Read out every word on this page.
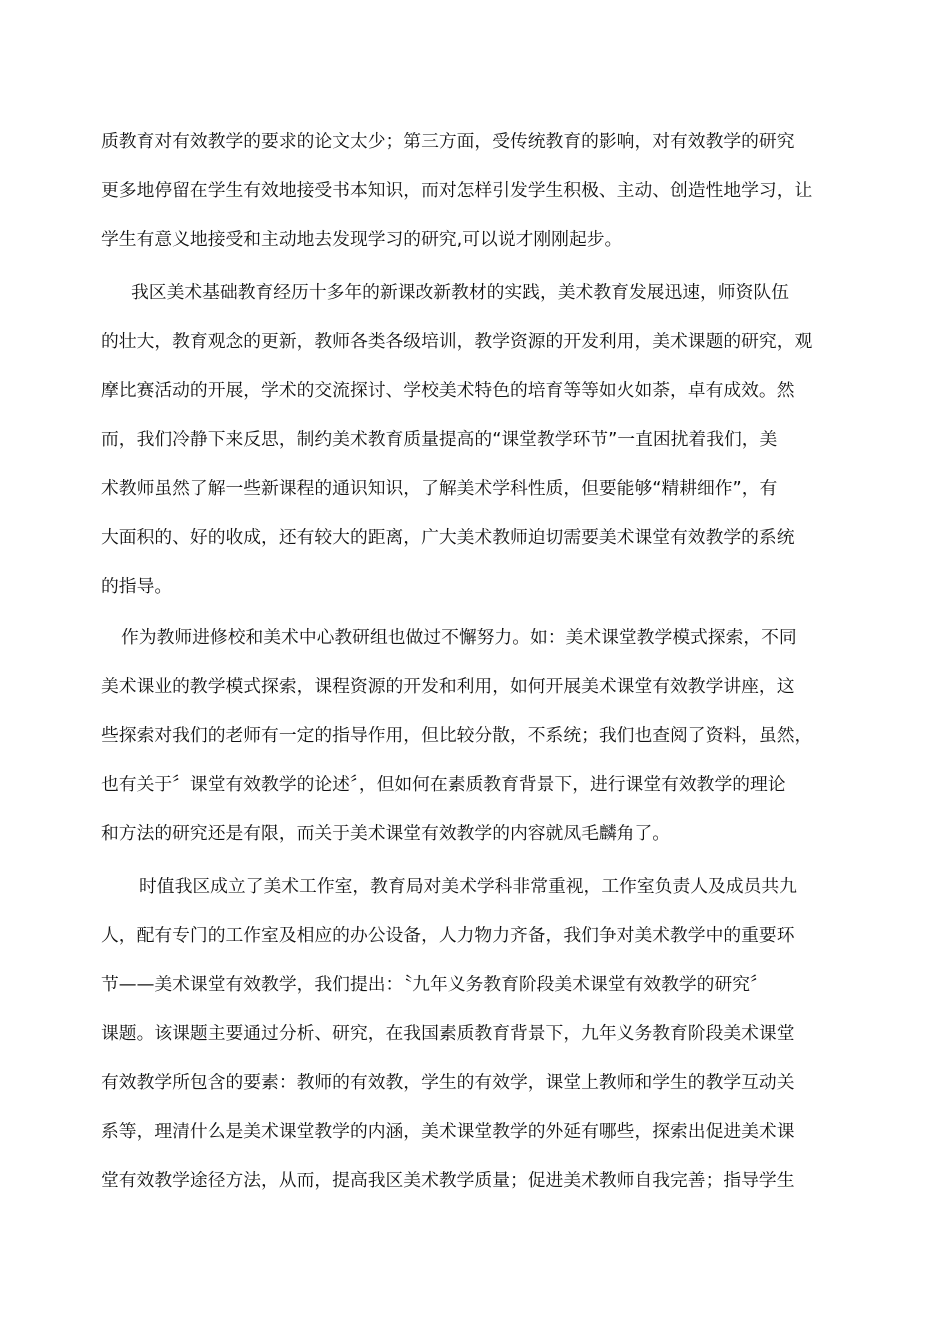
质教育对有效教学的要求的论文太少；第三方面，受传统教育的影响，对有效教学的研究
更多地停留在学生有效地接受书本知识，而对怎样引发学生积极、主动、创造性地学习，让
学生有意义地接受和主动地去发现学习的研究,可以说才刚刚起步。
我区美术基础教育经历十多年的新课改新教材的实践，美术教育发展迅速，师资队伍
的壮大，教育观念的更新，教师各类各级培训，教学资源的开发利用，美术课题的研究，观
摩比赛活动的开展，学术的交流探讨、学校美术特色的培育等等如火如荼，卓有成效。然
而，我们冷静下来反思，制约美术教育质量提高的“课堂教学环节”一直困扰着我们，美
术教师虽然了解一些新课程的通识知识，了解美术学科性质，但要能够“精耕细作”，有
大面积的、好的收成，还有较大的距离，广大美术教师迫切需要美术课堂有效教学的系统
的指导。
作为教师进修校和美术中心教研组也做过不懈努力。如：美术课堂教学模式探索，不同
美术课业的教学模式探索，课程资源的开发和利用，如何开展美术课堂有效教学讲座，这
些探索对我们的老师有一定的指导作用，但比较分散，不系统；我们也查阅了资料，虽然，
也有关于〞课堂有效教学的论述〞，但如何在素质教育背景下，进行课堂有效教学的理论
和方法的研究还是有限，而关于美术课堂有效教学的内容就凤毛麟角了。
时值我区成立了美术工作室，教育局对美术学科非常重视，工作室负责人及成员共九
人，配有专门的工作室及相应的办公设备，人力物力齐备，我们争对美术教学中的重要环
节——美术课堂有效教学，我们提出：〝九年义务教育阶段美术课堂有效教学的研究〞
课题。该课题主要通过分析、研究，在我国素质教育背景下，九年义务教育阶段美术课堂
有效教学所包含的要素：教师的有效教，学生的有效学，课堂上教师和学生的教学互动关
系等，理清什么是美术课堂教学的内涵，美术课堂教学的外延有哪些，探索出促进美术课
堂有效教学途径方法，从而，提高我区美术教学质量；促进美术教师自我完善；指导学生
